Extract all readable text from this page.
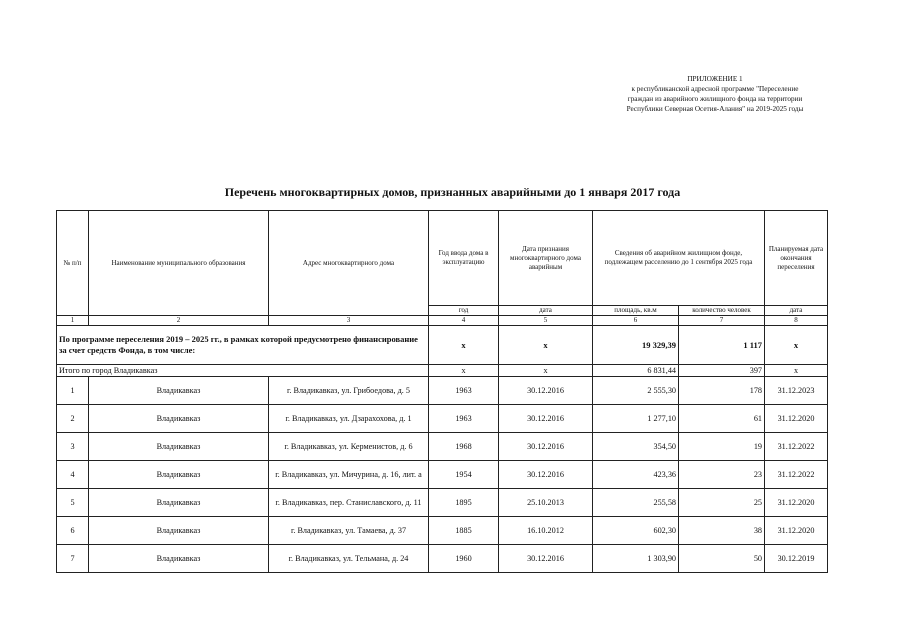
ПРИЛОЖЕНИЕ 1
к республиканской адресной программе "Переселение
граждан из аварийного жилищного фонда на территории
Республики Северная Осетия-Алания" на 2019-2025 годы
Перечень многоквартирных домов, признанных аварийными до 1 января 2017 года
№ п/п	Наименование муниципального образования	Адрес многоквартирного дома	Год ввода дома в эксплуатацию	Дата признания многоквартирного дома аварийным	Сведения об аварийном жилищном фонде, подлежащем расселению до 1 сентября 2025 года		Планируемая дата окончания переселения
			год	дата	площадь, кв.м	количество человек	дата
1	2	3	4	5	6	7	8
По программе переселения 2019 – 2025 гг., в рамках которой предусмотрено финансирование за счет средств Фонда, в том числе:			х	х	19 329,39	1 117	х
Итого по город Владикавказ			х	х	6 831,44	397	х
1	Владикавказ	г. Владикавказ, ул. Грибоедова, д. 5	1963	30.12.2016	2 555,30	178	31.12.2023
2	Владикавказ	г. Владикавказ, ул. Дзарахохова, д. 1	1963	30.12.2016	1 277,10	61	31.12.2020
3	Владикавказ	г. Владикавказ, ул. Керменистов, д. 6	1968	30.12.2016	354,50	19	31.12.2022
4	Владикавказ	г. Владикавказ, ул. Мичурина, д. 16, лит. а	1954	30.12.2016	423,36	23	31.12.2022
5	Владикавказ	г. Владикавказ, пер. Станиславского, д. 11	1895	25.10.2013	255,58	25	31.12.2020
6	Владикавказ	г. Владикавказ, ул. Тамаева, д. 37	1885	16.10.2012	602,30	38	31.12.2020
7	Владикавказ	г. Владикавказ, ул. Тельмана, д. 24	1960	30.12.2016	1 303,90	50	30.12.2019
